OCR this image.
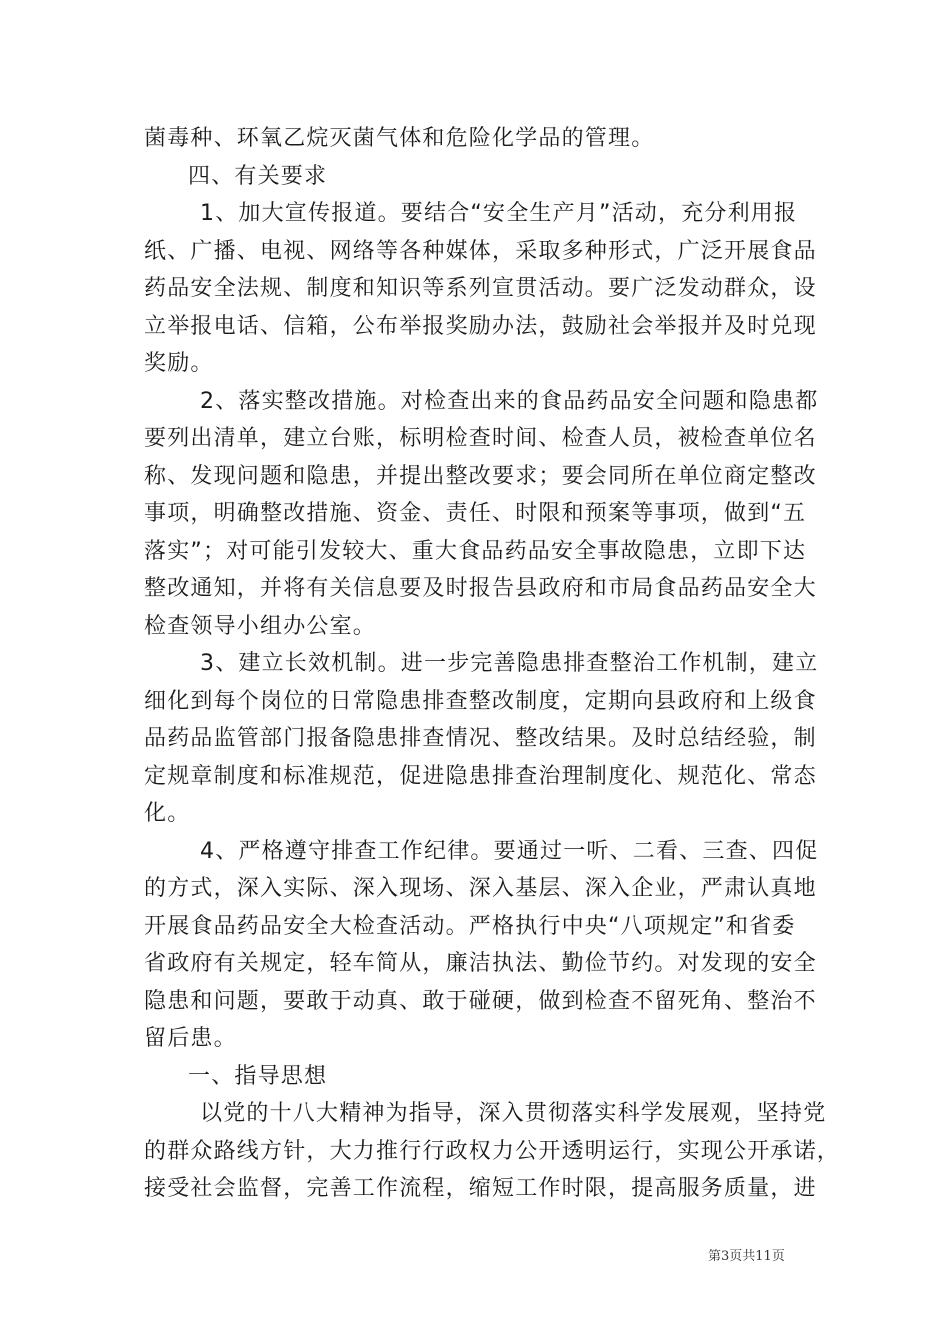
菌毒种、环氧乙烷灭菌气体和危险化学品的管理。
四、有关要求
1、加大宣传报道。要结合“安全生产月”活动，充分利用报
纸、广播、电视、网络等各种媒体，采取多种形式，广泛开展食品
药品安全法规、制度和知识等系列宣贯活动。要广泛发动群众，设
立举报电话、信箱，公布举报奖励办法，鼓励社会举报并及时兑现
奖励。
2、落实整改措施。对检查出来的食品药品安全问题和隐患都
要列出清单，建立台账，标明检查时间、检查人员，被检查单位名
称、发现问题和隐患，并提出整改要求；要会同所在单位商定整改
事项，明确整改措施、资金、责任、时限和预案等事项，做到“五
落实”；对可能引发较大、重大食品药品安全事故隐患，立即下达
整改通知，并将有关信息要及时报告县政府和市局食品药品安全大
检查领导小组办公室。
3、建立长效机制。进一步完善隐患排查整治工作机制，建立
细化到每个岗位的日常隐患排查整改制度，定期向县政府和上级食
品药品监管部门报备隐患排查情况、整改结果。及时总结经验，制
定规章制度和标准规范，促进隐患排查治理制度化、规范化、常态
化。
4、严格遵守排查工作纪律。要通过一听、二看、三查、四促
的方式，深入实际、深入现场、深入基层、深入企业，严肃认真地
开展食品药品安全大检查活动。严格执行中央“八项规定”和省委
省政府有关规定，轻车简从，廉洁执法、勤俭节约。对发现的安全
隐患和问题，要敢于动真、敢于碰硬，做到检查不留死角、整治不
留后患。
一、指导思想
以党的十八大精神为指导，深入贯彻落实科学发展观，坚持党
的群众路线方针，大力推行行政权力公开透明运行，实现公开承诺，
接受社会监督，完善工作流程，缩短工作时限，提高服务质量，进
第3页共11页
